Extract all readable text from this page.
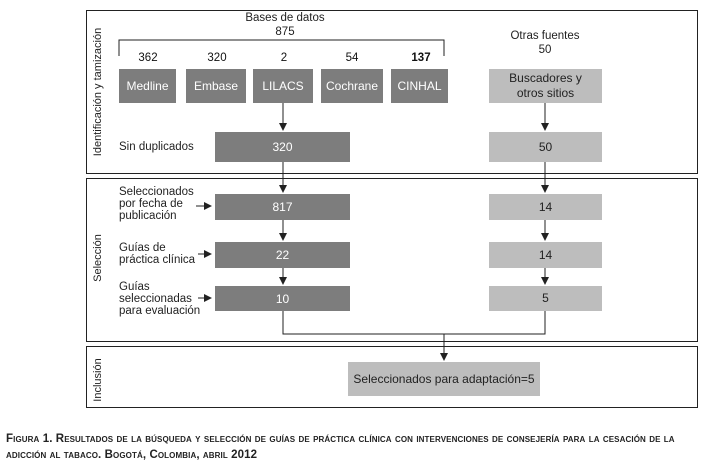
Identificación y tamización
Selección
Inclusión
Bases de datos
875
362	320	2	54	137
Medline	Embase	LILACS	Cochrane	CINHAL
Otras fuentes
50
Buscadores y otros sitios
Sin duplicados	320	50
Seleccionados por fecha de publicación
817	14
Guías de práctica clínica	22	14
Guías seleccionadas para evaluación
10	5
Seleccionados para adaptación=5
Figura 1. Resultados de la búsqueda y selección de guías de práctica clínica con intervenciones de consejería para la cesación de la adicción al tabaco. Bogotá, Colombia, abril 2012
